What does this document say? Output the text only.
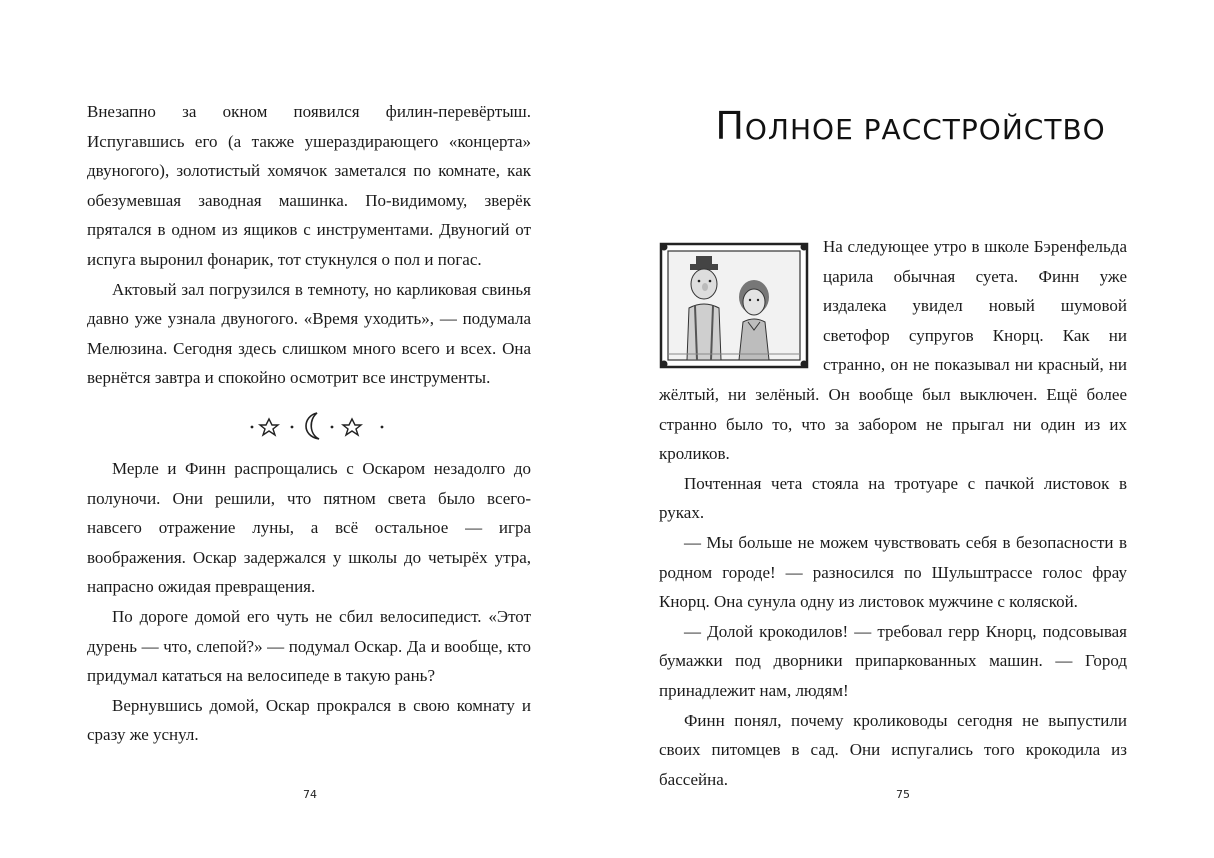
Внезапно за окном появился филин-перевёртыш. Испугавшись его (а также ушераздирающего «концерта» двуногого), золотистый хомячок заметался по комнате, как обезумевшая заводная машинка. По-видимому, зверёк прятался в одном из ящиков с инструментами. Двуногий от испуга выронил фонарик, тот стукнулся о пол и погас.

Актовый зал погрузился в темноту, но карликовая свинья давно уже узнала двуногого. «Время уходить», — подумала Мелюзина. Сегодня здесь слишком много всего и всех. Она вернётся завтра и спокойно осмотрит все инструменты.

Мерле и Финн распрощались с Оскаром незадолго до полуночи. Они решили, что пятном света было всего-навсего отражение луны, а всё остальное — игра воображения. Оскар задержался у школы до четырёх утра, напрасно ожидая превращения.

По дороге домой его чуть не сбил велосипедист. «Этот дурень — что, слепой?» — подумал Оскар. Да и вообще, кто придумал кататься на велосипеде в такую рань?

Вернувшись домой, Оскар прокрался в свою комнату и сразу же уснул.

74
ПОЛНОЕ РАССТРОЙСТВО

На следующее утро в школе Бэренфельда царила обычная суета. Финн уже издалека увидел новый шумовой светофор супругов Кнорц. Как ни странно, он не показывал ни красный, ни жёлтый, ни зелёный. Он вообще был выключен. Ещё более странно было то, что за забором не прыгал ни один из их кроликов.

Почтенная чета стояла на тротуаре с пачкой листовок в руках.

— Мы больше не можем чувствовать себя в безопасности в родном городе! — разносился по Шульштрассе голос фрау Кнорц. Она сунула одну из листовок мужчине с коляской.

— Долой крокодилов! — требовал герр Кнорц, подсовывая бумажки под дворники припаркованных машин. — Город принадлежит нам, людям!

Финн понял, почему кролиководы сегодня не выпустили своих питомцев в сад. Они испугались того крокодила из бассейна.

75
